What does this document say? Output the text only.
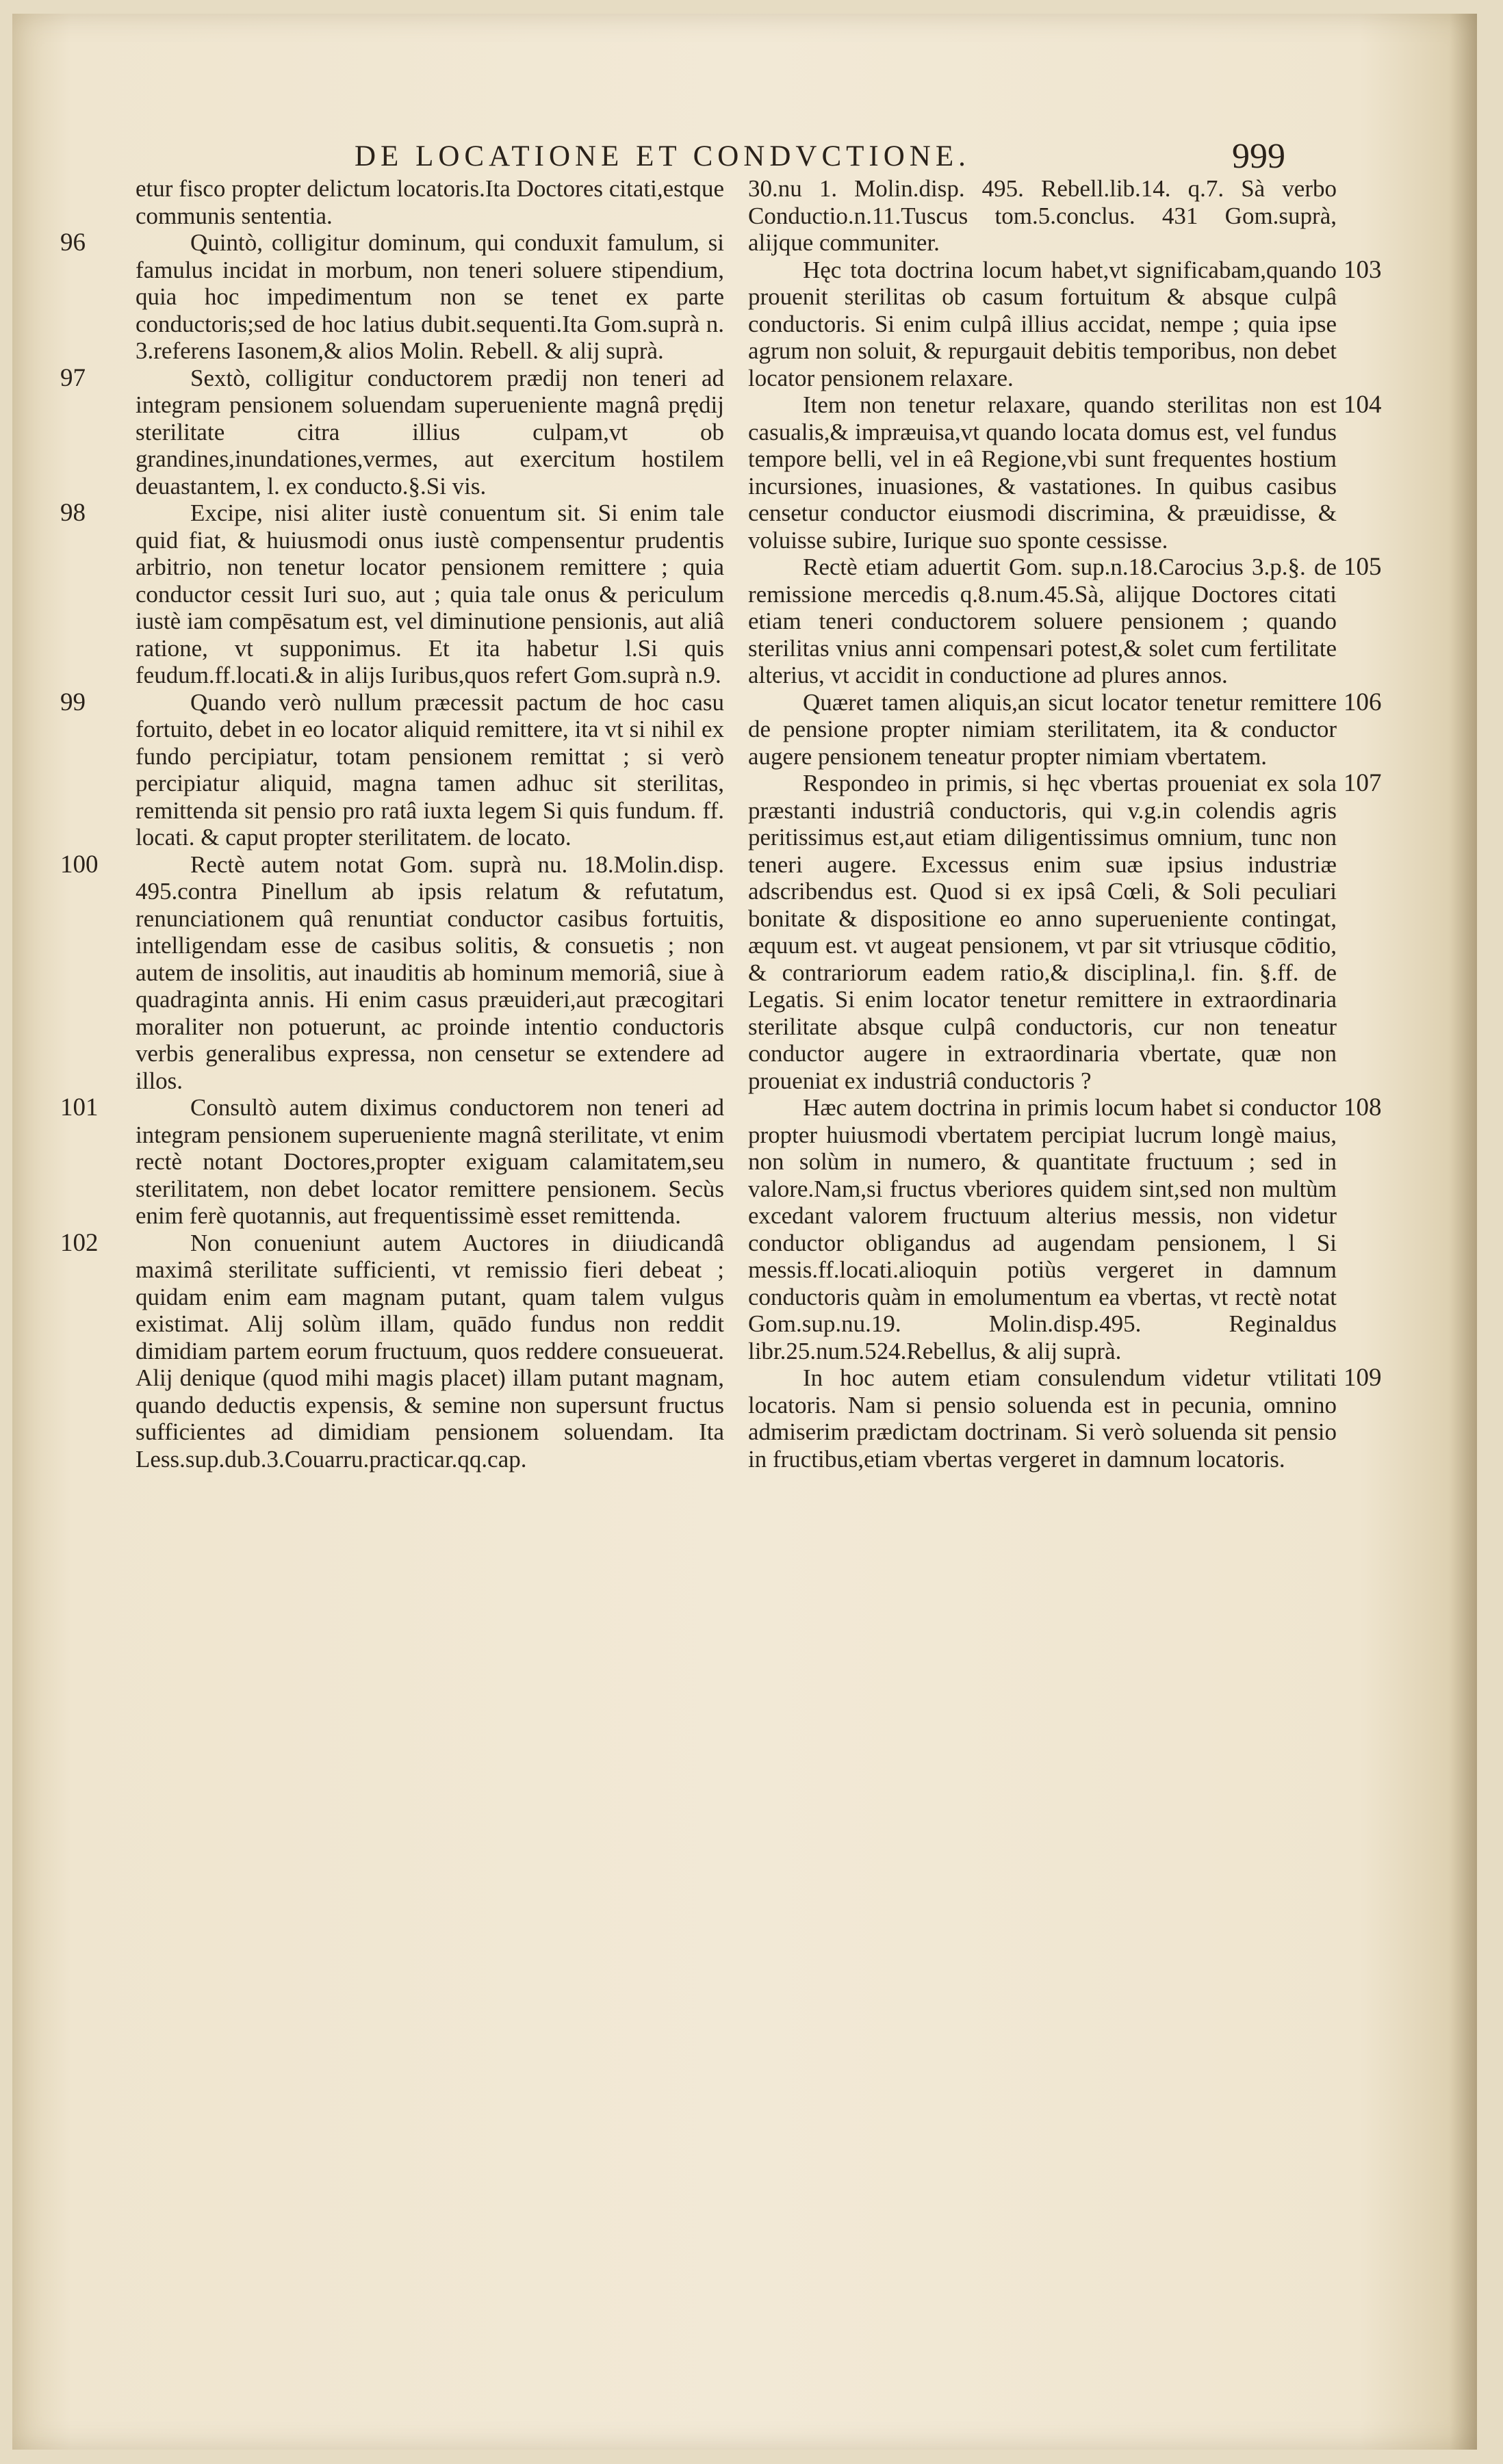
DE LOCATIONE ET CONDVCTIONE.	999

etur fisco propter delictum locatoris.Ita Doctores citati,estque communis sententia.

96	Quintò, colligitur dominum, qui conduxit famulum, si famulus incidat in morbum, non teneri soluere stipendium, quia hoc impedimentum non se tenet ex parte conductoris;sed de hoc latius dubit.sequenti.Ita Gom.suprà n. 3.referens Iasonem,& alios Molin. Rebell. & alij suprà.

97	Sextò, colligitur conductorem prædij non teneri ad integram pensionem soluendam superueniente magnâ prędij sterilitate citra illius culpam,vt ob grandines,inundationes,vermes, aut exercitum hostilem deuastantem, l. ex conducto.§.Si vis.

98	Excipe, nisi aliter iustè conuentum sit. Si enim tale quid fiat, & huiusmodi onus iustè compensentur prudentis arbitrio, non tenetur locator pensionem remittere ; quia conductor cessit Iuri suo, aut ; quia tale onus & periculum iustè iam compēsatum est, vel diminutione pensionis, aut aliâ ratione, vt supponimus. Et ita habetur l.Si quis feudum.ff.locati.& in alijs Iuribus,quos refert Gom.suprà n.9.

99	Quando verò nullum præcessit pactum de hoc casu fortuito, debet in eo locator aliquid remittere, ita vt si nihil ex fundo percipiatur, totam pensionem remittat ; si verò percipiatur aliquid, magna tamen adhuc sit sterilitas, remittenda sit pensio pro ratâ iuxta legem Si quis fundum. ff. locati. & caput propter sterilitatem. de locato.

100	Rectè autem notat Gom. suprà nu. 18.Molin.disp. 495.contra Pinellum ab ipsis relatum & refutatum, renunciationem quâ renuntiat conductor casibus fortuitis, intelligendam esse de casibus solitis, & consuetis ; non autem de insolitis, aut inauditis ab hominum memoriâ, siue à quadraginta annis. Hi enim casus præuideri,aut præcogitari moraliter non potuerunt, ac proinde intentio conductoris verbis generalibus expressa, non censetur se extendere ad illos.

101	Consultò autem diximus conductorem non teneri ad integram pensionem superueniente magnâ sterilitate, vt enim rectè notant Doctores,propter exiguam calamitatem,seu sterilitatem, non debet locator remittere pensionem. Secùs enim ferè quotannis, aut frequentissimè esset remittenda.

102	Non conueniunt autem Auctores in diiudicandâ maximâ sterilitate sufficienti, vt remissio fieri debeat ; quidam enim eam magnam putant, quam talem vulgus existimat. Alij solùm illam, quādo fundus non reddit dimidiam partem eorum fructuum, quos reddere consueuerat. Alij denique (quod mihi magis placet) illam putant magnam, quando deductis expensis, & semine non supersunt fructus sufficientes ad dimidiam pensionem soluendam. Ita Less.sup.dub.3.Couarru.practicar.qq.cap.

30.nu 1. Molin.disp. 495. Rebell.lib.14. q.7. Sà verbo Conductio.n.11.Tuscus tom.5.conclus. 431 Gom.suprà, alijque communiter.

103
Hęc tota doctrina locum habet,vt significabam,quando prouenit sterilitas ob casum fortuitum & absque culpâ conductoris. Si enim culpâ illius accidat, nempe ; quia ipse agrum non soluit, & repurgauit debitis temporibus, non debet locator pensionem relaxare.

104
Item non tenetur relaxare, quando sterilitas non est casualis,& impræuisa,vt quando locata domus est, vel fundus tempore belli, vel in eâ Regione,vbi sunt frequentes hostium incursiones, inuasiones, & vastationes. In quibus casibus censetur conductor eiusmodi discrimina, & præuidisse, & voluisse subire, Iurique suo sponte cessisse.

105
Rectè etiam aduertit Gom. sup.n.18.Carocius 3.p.§. de remissione mercedis q.8.num.45.Sà, alijque Doctores citati etiam teneri conductorem soluere pensionem ; quando sterilitas vnius anni compensari potest,& solet cum fertilitate alterius, vt accidit in conductione ad plures annos.

106
Quæret tamen aliquis,an sicut locator tenetur remittere de pensione propter nimiam sterilitatem, ita & conductor augere pensionem teneatur propter nimiam vbertatem.

107
Respondeo in primis, si hęc vbertas proueniat ex sola præstanti industriâ conductoris, qui v.g.in colendis agris peritissimus est,aut etiam diligentissimus omnium, tunc non teneri augere. Excessus enim suæ ipsius industriæ adscribendus est. Quod si ex ipsâ Cœli, & Soli peculiari bonitate & dispositione eo anno superueniente contingat, æquum est. vt augeat pensionem, vt par sit vtriusque cōditio, & contrariorum eadem ratio,& disciplina,l. fin. §.ff. de Legatis. Si enim locator tenetur remittere in extraordinaria sterilitate absque culpâ conductoris, cur non teneatur conductor augere in extraordinaria vbertate, quæ non proueniat ex industriâ conductoris ?

108
Hæc autem doctrina in primis locum habet si conductor propter huiusmodi vbertatem percipiat lucrum longè maius, non solùm in numero, & quantitate fructuum ; sed in valore.Nam,si fructus vberiores quidem sint,sed non multùm excedant valorem fructuum alterius messis, non videtur conductor obligandus ad augendam pensionem, l Si messis.ff.locati.alioquin potiùs vergeret in damnum conductoris quàm in emolumentum ea vbertas, vt rectè notat Gom.sup.nu.19. Molin.disp.495. Reginaldus libr.25.num.524.Rebellus, & alij suprà.

109
In hoc autem etiam consulendum videtur vtilitati locatoris. Nam si pensio soluenda est in pecunia, omnino admiserim prædictam doctrinam. Si verò soluenda sit pensio in fructibus,etiam vbertas vergeret in damnum locatoris.
